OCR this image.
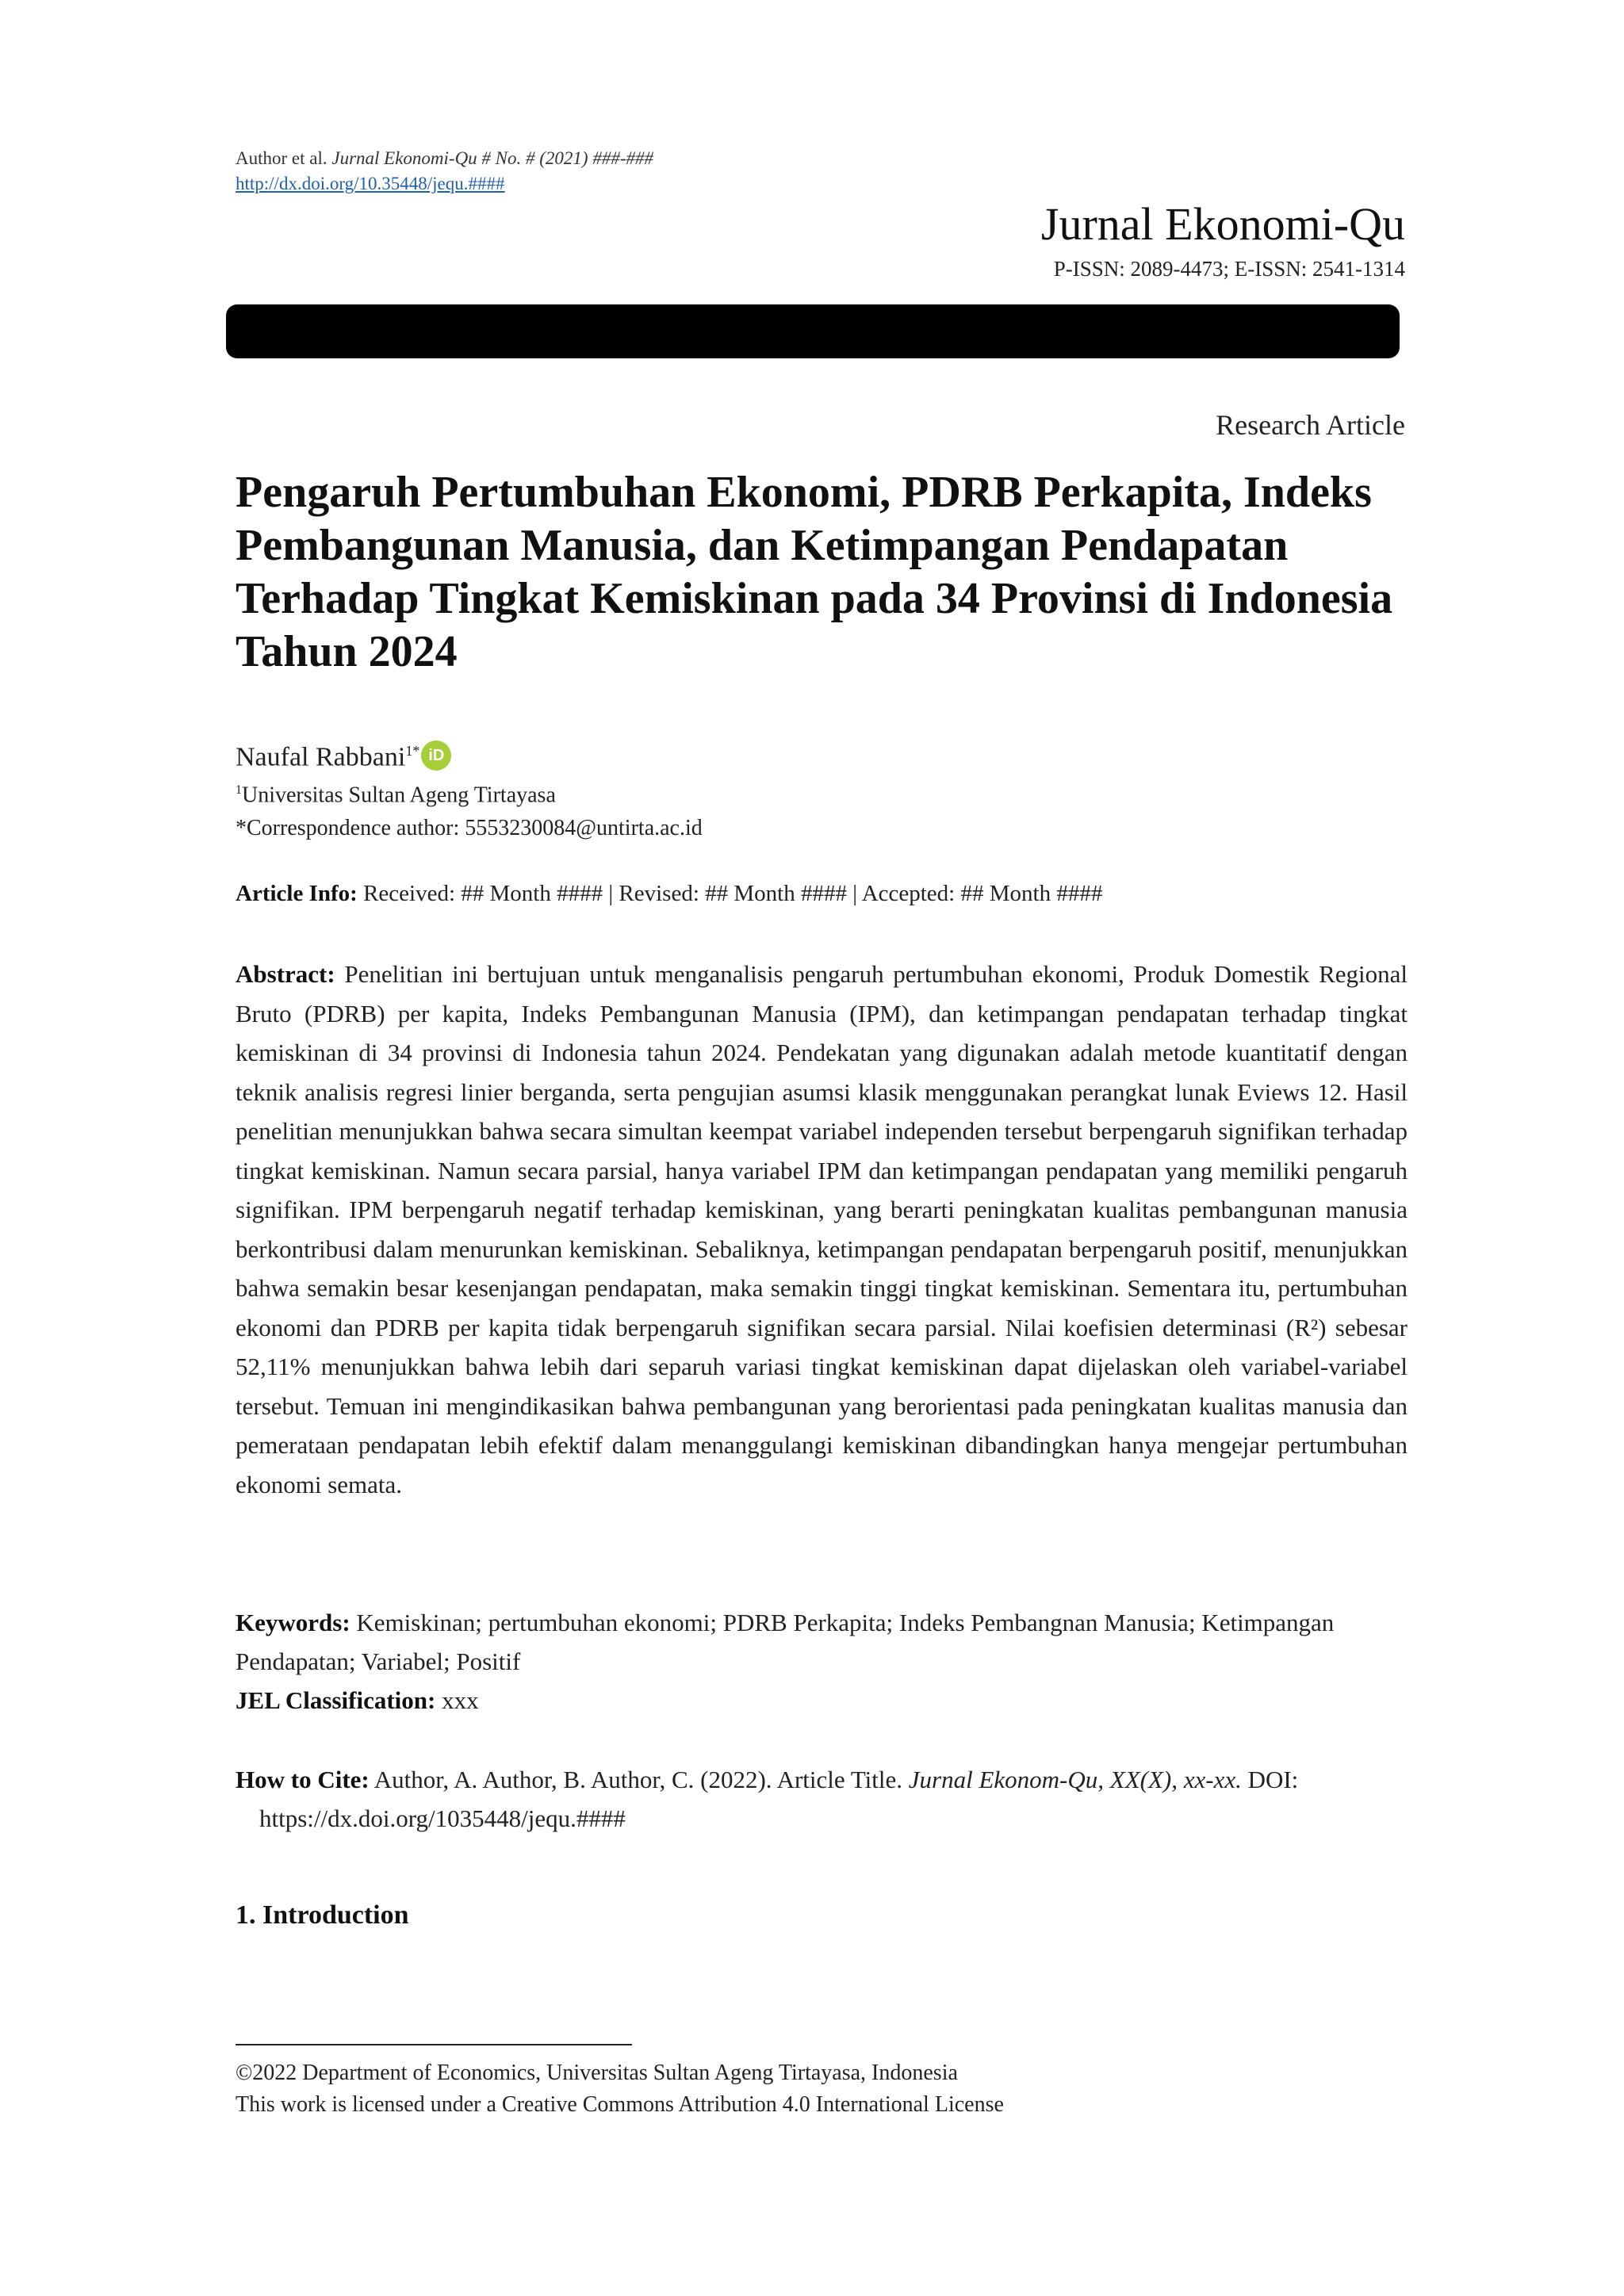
Author et al. Jurnal Ekonomi-Qu # No. # (2021) ###-###
http://dx.doi.org/10.35448/jequ.####
Jurnal Ekonomi-Qu
P-ISSN: 2089-4473; E-ISSN: 2541-1314
Research Article
Pengaruh Pertumbuhan Ekonomi, PDRB Perkapita, Indeks Pembangunan Manusia, dan Ketimpangan Pendapatan Terhadap Tingkat Kemiskinan pada 34 Provinsi di Indonesia Tahun 2024
Naufal Rabbani$^{1*}$ iD
$^1$Universitas Sultan Ageng Tirtayasa
*Correspondence author: 5553230084@untirta.ac.id
Article Info: Received: ## Month #### | Revised: ## Month #### | Accepted: ## Month ####
Abstract: Penelitian ini bertujuan untuk menganalisis pengaruh pertumbuhan ekonomi, Produk Domestik Regional Bruto (PDRB) per kapita, Indeks Pembangunan Manusia (IPM), dan ketimpangan pendapatan terhadap tingkat kemiskinan di 34 provinsi di Indonesia tahun 2024. Pendekatan yang digunakan adalah metode kuantitatif dengan teknik analisis regresi linier berganda, serta pengujian asumsi klasik menggunakan perangkat lunak Eviews 12. Hasil penelitian menunjukkan bahwa secara simultan keempat variabel independen tersebut berpengaruh signifikan terhadap tingkat kemiskinan. Namun secara parsial, hanya variabel IPM dan ketimpangan pendapatan yang memiliki pengaruh signifikan. IPM berpengaruh negatif terhadap kemiskinan, yang berarti peningkatan kualitas pembangunan manusia berkontribusi dalam menurunkan kemiskinan. Sebaliknya, ketimpangan pendapatan berpengaruh positif, menunjukkan bahwa semakin besar kesenjangan pendapatan, maka semakin tinggi tingkat kemiskinan. Sementara itu, pertumbuhan ekonomi dan PDRB per kapita tidak berpengaruh signifikan secara parsial. Nilai koefisien determinasi (R²) sebesar 52,11% menunjukkan bahwa lebih dari separuh variasi tingkat kemiskinan dapat dijelaskan oleh variabel-variabel tersebut. Temuan ini mengindikasikan bahwa pembangunan yang berorientasi pada peningkatan kualitas manusia dan pemerataan pendapatan lebih efektif dalam menanggulangi kemiskinan dibandingkan hanya mengejar pertumbuhan ekonomi semata.
Keywords: Kemiskinan; pertumbuhan ekonomi; PDRB Perkapita; Indeks Pembangnan Manusia; Ketimpangan Pendapatan; Variabel; Positif
JEL Classification: xxx
How to Cite: Author, A. Author, B. Author, C. (2022). Article Title. Jurnal Ekonom-Qu, XX(X), xx-xx. DOI: https://dx.doi.org/1035448/jequ.####
1. Introduction
©2022 Department of Economics, Universitas Sultan Ageng Tirtayasa, Indonesia
This work is licensed under a Creative Commons Attribution 4.0 International License
